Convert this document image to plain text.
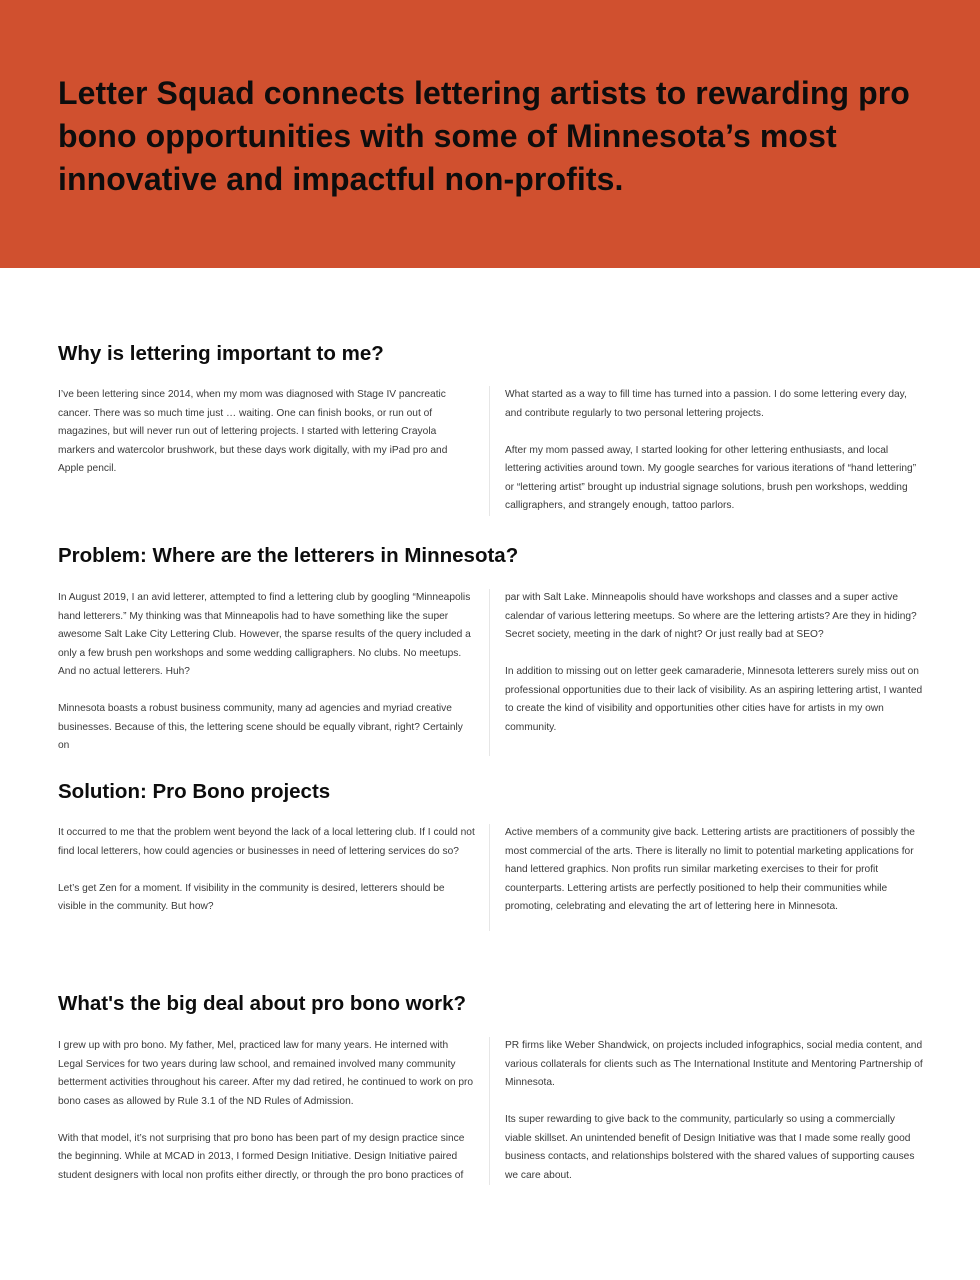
Letter Squad connects lettering artists to rewarding pro bono opportunities with some of Minnesota’s most innovative and impactful non-profits.
Why is lettering important to me?

I’ve been lettering since 2014, when my mom was diagnosed with Stage IV pancreatic cancer. There was so much time just … waiting. One can finish books, or run out of magazines, but will never run out of lettering projects. I started with lettering Crayola markers and watercolor brushwork, but these days work digitally, with my iPad pro and Apple pencil.

What started as a way to fill time has turned into a passion. I do some lettering every day, and contribute regularly to two personal lettering projects.

After my mom passed away, I started looking for other lettering enthusiasts, and local lettering activities around town. My google searches for various iterations of “hand lettering” or “lettering artist” brought up industrial signage solutions, brush pen workshops, wedding calligraphers, and strangely enough, tattoo parlors.

Problem: Where are the letterers in Minnesota?

In August 2019, I an avid letterer, attempted to find a lettering club by googling “Minneapolis hand letterers.” My thinking was that Minneapolis had to have something like the super awesome Salt Lake City Lettering Club. However, the sparse results of the query included a only a few brush pen workshops and some wedding calligraphers. No clubs. No meetups. And no actual letterers. Huh?

Minnesota boasts a robust business community, many ad agencies and myriad creative businesses. Because of this, the lettering scene should be equally vibrant, right? Certainly on

par with Salt Lake. Minneapolis should have workshops and classes and a super active calendar of various lettering meetups. So where are the lettering artists? Are they in hiding? Secret society, meeting in the dark of night? Or just really bad at SEO?

In addition to missing out on letter geek camaraderie, Minnesota letterers surely miss out on professional opportunities due to their lack of visibility. As an aspiring lettering artist, I wanted to create the kind of visibility and opportunities other cities have for artists in my own community.

Solution: Pro Bono projects

It occurred to me that the problem went beyond the lack of a local lettering club. If I could not find local letterers, how could agencies or businesses in need of lettering services do so?

Let’s get Zen for a moment. If visibility in the community is desired, letterers should be visible in the community. But how?

Active members of a community give back. Lettering artists are practitioners of possibly the most commercial of the arts. There is literally no limit to potential marketing applications for hand lettered graphics. Non profits run similar marketing exercises to their for profit counterparts. Lettering artists are perfectly positioned to help their communities while promoting, celebrating and elevating the art of lettering here in Minnesota.

What's the big deal about pro bono work?

I grew up with pro bono. My father, Mel, practiced law for many years. He interned with Legal Services for two years during law school, and remained involved many community betterment activities throughout his career. After my dad retired, he continued to work on pro bono cases as allowed by Rule 3.1 of the ND Rules of Admission.

With that model, it’s not surprising that pro bono has been part of my design practice since the beginning. While at MCAD in 2013, I formed Design Initiative. Design Initiative paired student designers with local non profits either directly, or through the pro bono practices of

PR firms like Weber Shandwick, on projects included infographics, social media content, and various collaterals for clients such as The International Institute and Mentoring Partnership of Minnesota.

Its super rewarding to give back to the community, particularly so using a commercially viable skillset. An unintended benefit of Design Initiative was that I made some really good business contacts, and relationships bolstered with the shared values of supporting causes we care about.
